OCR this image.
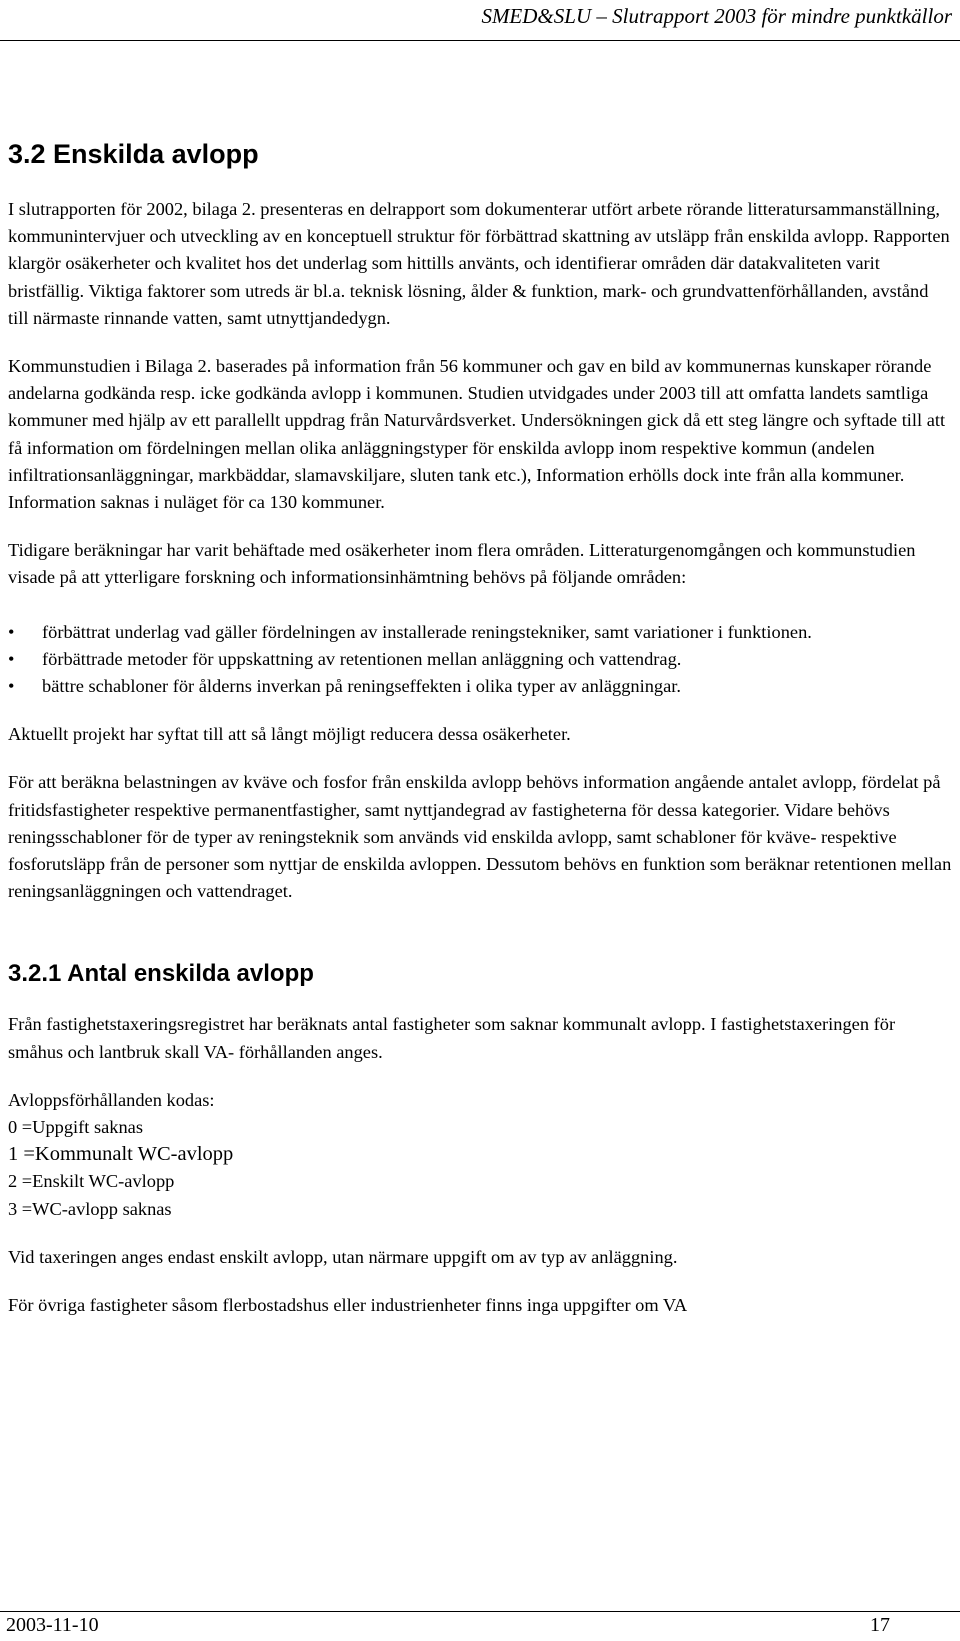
SMED&SLU – Slutrapport 2003 för mindre punktkällor
3.2 Enskilda avlopp

I slutrapporten för 2002, bilaga 2. presenteras en delrapport som dokumenterar utfört arbete rörande litteratursammanställning, kommunintervjuer och utveckling av en konceptuell struktur för förbättrad skattning av utsläpp från enskilda avlopp. Rapporten klargör osäkerheter och kvalitet hos det underlag som hittills använts, och identifierar områden där datakvaliteten varit bristfällig. Viktiga faktorer som utreds är bl.a. teknisk lösning, ålder & funktion, mark- och grundvattenförhållanden, avstånd till närmaste rinnande vatten, samt utnyttjandedygn.

Kommunstudien i Bilaga 2. baserades på information från 56 kommuner och gav en bild av kommunernas kunskaper rörande andelarna godkända resp. icke godkända avlopp i kommunen. Studien utvidgades under 2003 till att omfatta landets samtliga kommuner med hjälp av ett parallellt uppdrag från Naturvårdsverket. Undersökningen gick då ett steg längre och syftade till att få information om fördelningen mellan olika anläggningstyper för enskilda avlopp inom respektive kommun (andelen infiltrationsanläggningar, markbäddar, slamavskiljare, sluten tank etc.), Information erhölls dock inte från alla kommuner. Information saknas i nuläget för ca 130 kommuner.

Tidigare beräkningar har varit behäftade med osäkerheter inom flera områden. Litteraturgenomgången och kommunstudien visade på att ytterligare forskning och informationsinhämtning behövs på följande områden:

• förbättrat underlag vad gäller fördelningen av installerade reningstekniker, samt variationer i funktionen.
• förbättrade metoder för uppskattning av retentionen mellan anläggning och vattendrag.
• bättre schabloner för ålderns inverkan på reningseffekten i olika typer av anläggningar.

Aktuellt projekt har syftat till att så långt möjligt reducera dessa osäkerheter.

För att beräkna belastningen av kväve och fosfor från enskilda avlopp behövs information angående antalet avlopp, fördelat på fritidsfastigheter respektive permanentfastigher, samt nyttjandegrad av fastigheterna för dessa kategorier. Vidare behövs reningsschabloner för de typer av reningsteknik som används vid enskilda avlopp, samt schabloner för kväve- respektive fosforutsläpp från de personer som nyttjar de enskilda avloppen. Dessutom behövs en funktion som beräknar retentionen mellan reningsanläggningen och vattendraget.

3.2.1 Antal enskilda avlopp

Från fastighetstaxeringsregistret har beräknats antal fastigheter som saknar kommunalt avlopp. I fastighetstaxeringen för småhus och lantbruk skall VA- förhållanden anges.

Avloppsförhållanden kodas:
0 =Uppgift saknas
1 =Kommunalt WC-avlopp
2 =Enskilt WC-avlopp
3 =WC-avlopp saknas

Vid taxeringen anges endast enskilt avlopp, utan närmare uppgift om av typ av anläggning.

För övriga fastigheter såsom flerbostadshus eller industrienheter finns inga uppgifter om VA

2003-11-10	17
